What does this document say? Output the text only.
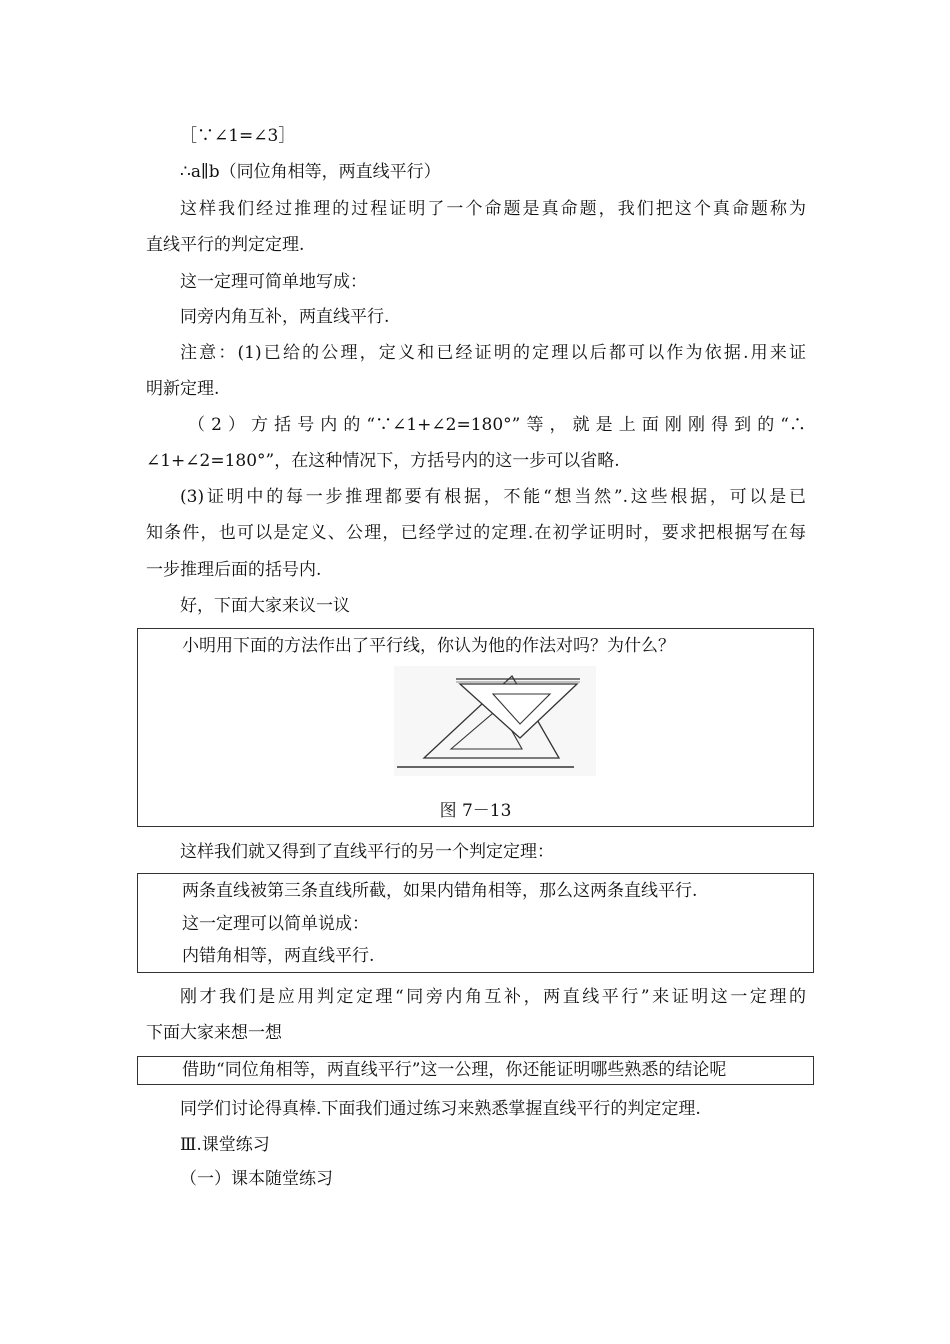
［∵∠1=∠3］
∴a∥b（同位角相等，两直线平行）
这样我们经过推理的过程证明了一个命题是真命题，我们把这个真命题称为
直线平行的判定定理.
这一定理可简单地写成：
同旁内角互补，两直线平行.
注意：(1)已给的公理，定义和已经证明的定理以后都可以作为依据.用来证
明新定理.
（2）方括号内的“∵∠1+∠2=180°”等，就是上面刚刚得到的“∴
∠1+∠2=180°”，在这种情况下，方括号内的这一步可以省略.
(3)证明中的每一步推理都要有根据，不能“想当然”.这些根据，可以是已
知条件，也可以是定义、公理，已经学过的定理.在初学证明时，要求把根据写在每
一步推理后面的括号内.
好，下面大家来议一议
小明用下面的方法作出了平行线，你认为他的作法对吗？为什么？
图 7－13
这样我们就又得到了直线平行的另一个判定定理：
两条直线被第三条直线所截，如果内错角相等，那么这两条直线平行.
这一定理可以简单说成：
内错角相等，两直线平行.
刚才我们是应用判定定理“同旁内角互补，两直线平行”来证明这一定理的
下面大家来想一想
借助“同位角相等，两直线平行”这一公理，你还能证明哪些熟悉的结论呢
同学们讨论得真棒.下面我们通过练习来熟悉掌握直线平行的判定定理.
Ⅲ.课堂练习
（一）课本随堂练习
